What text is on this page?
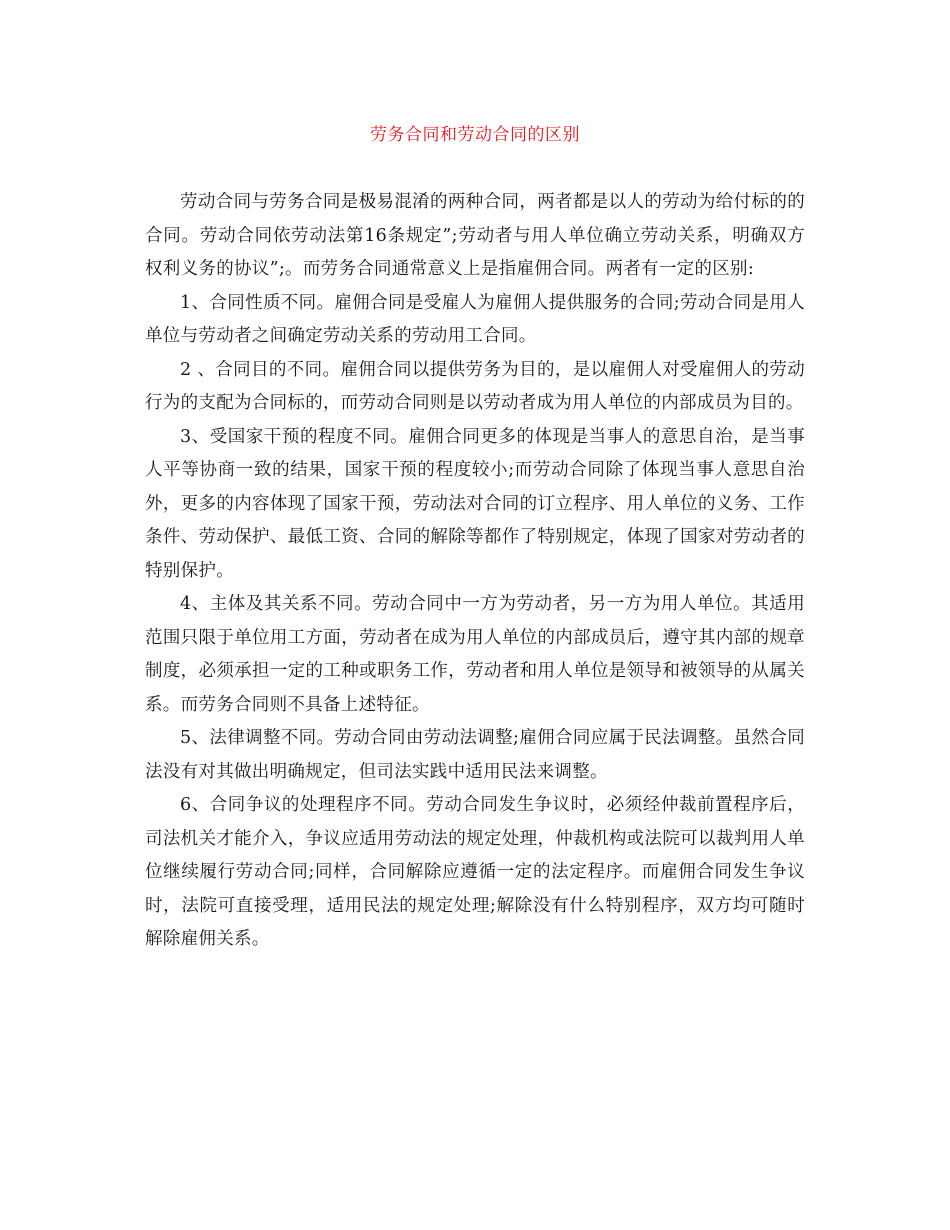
劳务合同和劳动合同的区别

劳动合同与劳务合同是极易混淆的两种合同，两者都是以人的劳动为给付标的的合同。劳动合同依劳动法第16条规定”;劳动者与用人单位确立劳动关系，明确双方权利义务的协议”;。而劳务合同通常意义上是指雇佣合同。两者有一定的区别:

1、合同性质不同。雇佣合同是受雇人为雇佣人提供服务的合同;劳动合同是用人单位与劳动者之间确定劳动关系的劳动用工合同。

2 、合同目的不同。雇佣合同以提供劳务为目的，是以雇佣人对受雇佣人的劳动行为的支配为合同标的，而劳动合同则是以劳动者成为用人单位的内部成员为目的。

3、受国家干预的程度不同。雇佣合同更多的体现是当事人的意思自治，是当事人平等协商一致的结果，国家干预的程度较小;而劳动合同除了体现当事人意思自治外，更多的内容体现了国家干预，劳动法对合同的订立程序、用人单位的义务、工作条件、劳动保护、最低工资、合同的解除等都作了特别规定，体现了国家对劳动者的特别保护。

4、主体及其关系不同。劳动合同中一方为劳动者，另一方为用人单位。其适用范围只限于单位用工方面，劳动者在成为用人单位的内部成员后，遵守其内部的规章制度，必须承担一定的工种或职务工作，劳动者和用人单位是领导和被领导的从属关系。而劳务合同则不具备上述特征。

5、法律调整不同。劳动合同由劳动法调整;雇佣合同应属于民法调整。虽然合同法没有对其做出明确规定，但司法实践中适用民法来调整。

6、合同争议的处理程序不同。劳动合同发生争议时，必须经仲裁前置程序后，司法机关才能介入，争议应适用劳动法的规定处理，仲裁机构或法院可以裁判用人单位继续履行劳动合同;同样，合同解除应遵循一定的法定程序。而雇佣合同发生争议时，法院可直接受理，适用民法的规定处理;解除没有什么特别程序，双方均可随时解除雇佣关系。
